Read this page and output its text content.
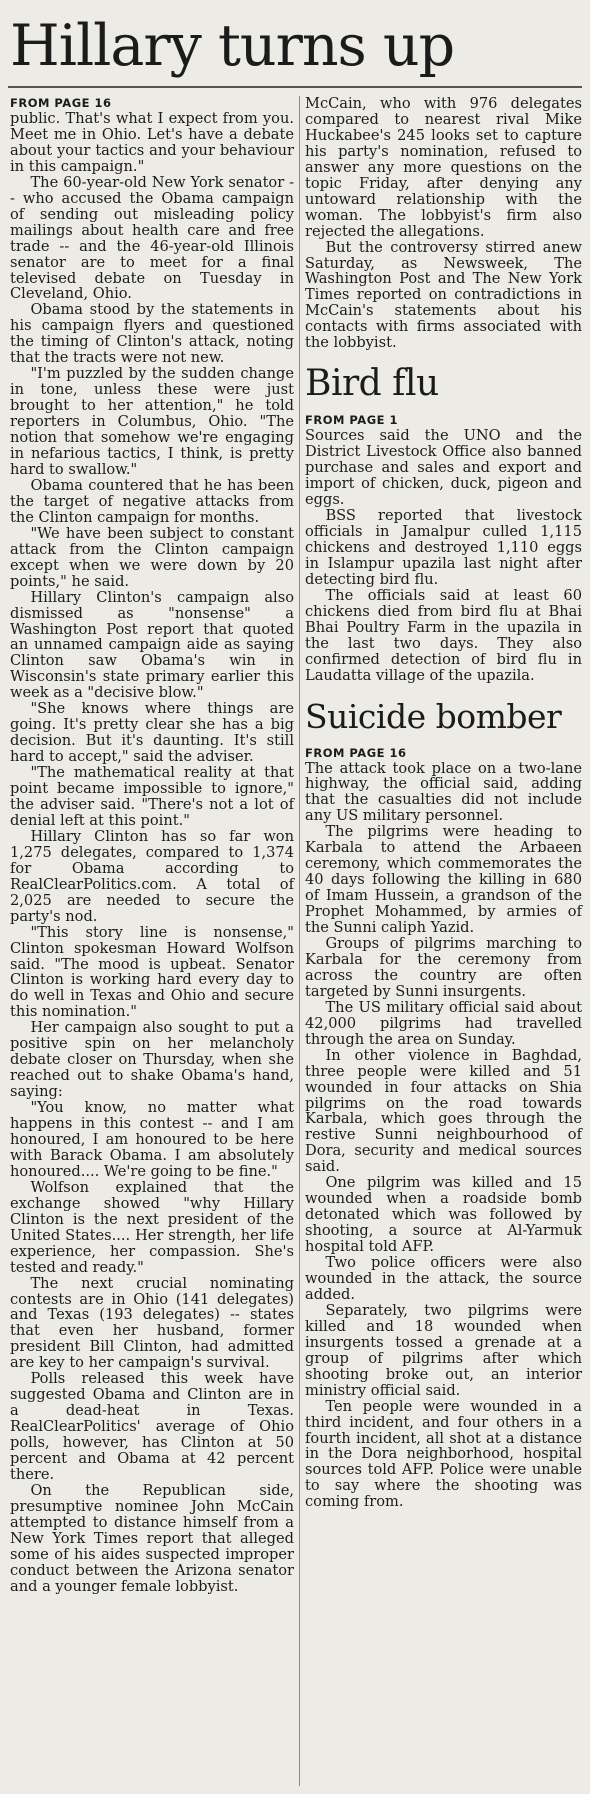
Hillary turns up
FROM PAGE 16

public. That's what I expect from you. Meet me in Ohio. Let's have a debate about your tactics and your behaviour in this campaign."

The 60-year-old New York senator -- who accused the Obama campaign of sending out misleading policy mailings about health care and free trade -- and the 46-year-old Illinois senator are to meet for a final televised debate on Tuesday in Cleveland, Ohio.

Obama stood by the statements in his campaign flyers and questioned the timing of Clinton's attack, noting that the tracts were not new.

"I'm puzzled by the sudden change in tone, unless these were just brought to her attention," he told reporters in Columbus, Ohio. "The notion that somehow we're engaging in nefarious tactics, I think, is pretty hard to swallow."

Obama countered that he has been the target of negative attacks from the Clinton campaign for months.

"We have been subject to constant attack from the Clinton campaign except when we were down by 20 points," he said.

Hillary Clinton's campaign also dismissed as "nonsense" a Washington Post report that quoted an unnamed campaign aide as saying Clinton saw Obama's win in Wisconsin's state primary earlier this week as a "decisive blow."

"She knows where things are going. It's pretty clear she has a big decision. But it's daunting. It's still hard to accept," said the adviser.

"The mathematical reality at that point became impossible to ignore," the adviser said. "There's not a lot of denial left at this point."

Hillary Clinton has so far won 1,275 delegates, compared to 1,374 for Obama according to RealClearPolitics.com. A total of 2,025 are needed to secure the party's nod.

"This story line is nonsense," Clinton spokesman Howard Wolfson said. "The mood is upbeat. Senator Clinton is working hard every day to do well in Texas and Ohio and secure this nomination."

Her campaign also sought to put a positive spin on her melancholy debate closer on Thursday, when she reached out to shake Obama's hand, saying:

"You know, no matter what happens in this contest -- and I am honoured, I am honoured to be here with Barack Obama. I am absolutely honoured.... We're going to be fine."

Wolfson explained that the exchange showed "why Hillary Clinton is the next president of the United States.... Her strength, her life experience, her compassion. She's tested and ready."

The next crucial nominating contests are in Ohio (141 delegates) and Texas (193 delegates) -- states that even her husband, former president Bill Clinton, had admitted are key to her campaign's survival.

Polls released this week have suggested Obama and Clinton are in a dead-heat in Texas. RealClearPolitics' average of Ohio polls, however, has Clinton at 50 percent and Obama at 42 percent there.

On the Republican side, presumptive nominee John McCain attempted to distance himself from a New York Times report that alleged some of his aides suspected improper conduct between the Arizona senator and a younger female lobbyist.

McCain, who with 976 delegates compared to nearest rival Mike Huckabee's 245 looks set to capture his party's nomination, refused to answer any more questions on the topic Friday, after denying any untoward relationship with the woman. The lobbyist's firm also rejected the allegations.

But the controversy stirred anew Saturday, as Newsweek, The Washington Post and The New York Times reported on contradictions in McCain's statements about his contacts with firms associated with the lobbyist.

Bird flu
FROM PAGE 1

Sources said the UNO and the District Livestock Office also banned purchase and sales and export and import of chicken, duck, pigeon and eggs.

BSS reported that livestock officials in Jamalpur culled 1,115 chickens and destroyed 1,110 eggs in Islampur upazila last night after detecting bird flu.

The officials said at least 60 chickens died from bird flu at Bhai Bhai Poultry Farm in the upazila in the last two days. They also confirmed detection of bird flu in Laudatta village of the upazila.

Suicide bomber
FROM PAGE 16

The attack took place on a two-lane highway, the official said, adding that the casualties did not include any US military personnel.

The pilgrims were heading to Karbala to attend the Arbaeen ceremony, which commemorates the 40 days following the killing in 680 of Imam Hussein, a grandson of the Prophet Mohammed, by armies of the Sunni caliph Yazid.

Groups of pilgrims marching to Karbala for the ceremony from across the country are often targeted by Sunni insurgents.

The US military official said about 42,000 pilgrims had travelled through the area on Sunday.

In other violence in Baghdad, three people were killed and 51 wounded in four attacks on Shia pilgrims on the road towards Karbala, which goes through the restive Sunni neighbourhood of Dora, security and medical sources said.

One pilgrim was killed and 15 wounded when a roadside bomb detonated which was followed by shooting, a source at Al-Yarmuk hospital told AFP.

Two police officers were also wounded in the attack, the source added.

Separately, two pilgrims were killed and 18 wounded when insurgents tossed a grenade at a group of pilgrims after which shooting broke out, an interior ministry official said.

Ten people were wounded in a third incident, and four others in a fourth incident, all shot at a distance in the Dora neighborhood, hospital sources told AFP. Police were unable to say where the shooting was coming from.
